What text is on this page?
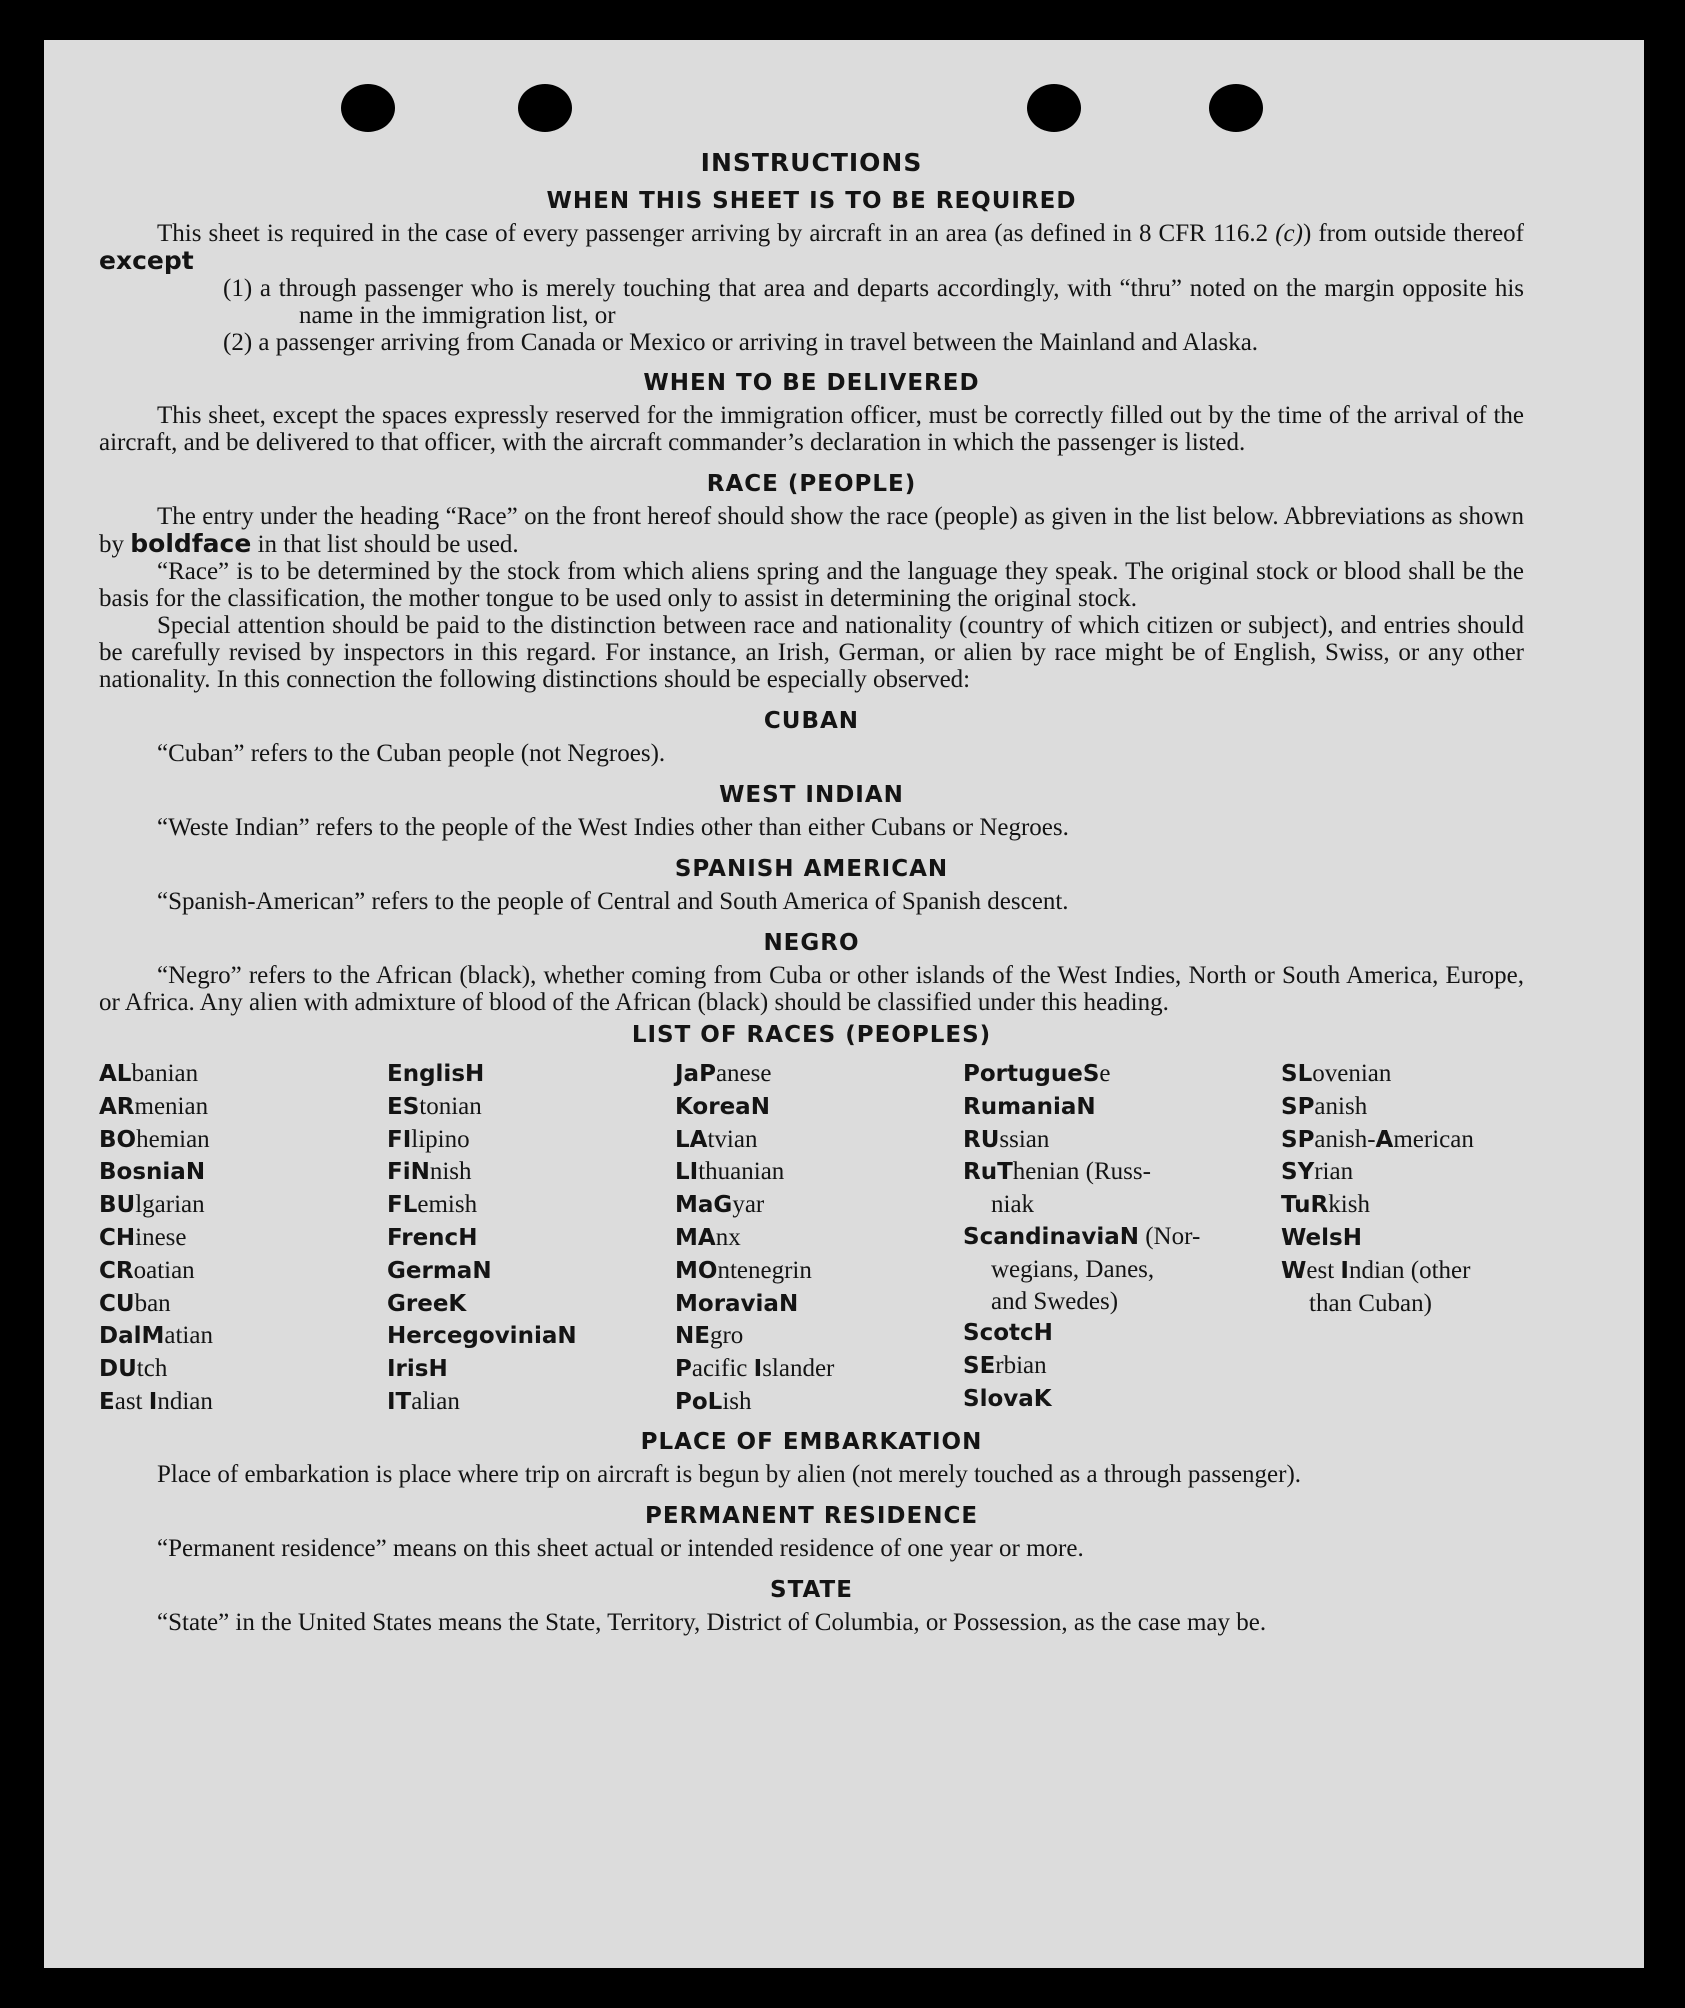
INSTRUCTIONS
WHEN THIS SHEET IS TO BE REQUIRED

This sheet is required in the case of every passenger arriving by aircraft in an area (as defined in 8 CFR 116.2 (c)) from outside thereof except

(1) a through passenger who is merely touching that area and departs accordingly, with “thru” noted on the margin opposite his name in the immigration list, or
(2) a passenger arriving from Canada or Mexico or arriving in travel between the Mainland and Alaska.
WHEN TO BE DELIVERED

This sheet, except the spaces expressly reserved for the immigration officer, must be correctly filled out by the time of the arrival of the aircraft, and be delivered to that officer, with the aircraft commander’s declaration in which the passenger is listed.

RACE (PEOPLE)

The entry under the heading “Race” on the front hereof should show the race (people) as given in the list below. Abbreviations as shown by boldface in that list should be used.

“Race” is to be determined by the stock from which aliens spring and the language they speak. The original stock or blood shall be the basis for the classification, the mother tongue to be used only to assist in determining the original stock.

Special attention should be paid to the distinction between race and nationality (country of which citizen or subject), and entries should be carefully revised by inspectors in this regard. For instance, an Irish, German, or alien by race might be of English, Swiss, or any other nationality. In this connection the following distinctions should be especially observed:

CUBAN

“Cuban” refers to the Cuban people (not Negroes).

WEST INDIAN

“Weste Indian” refers to the people of the West Indies other than either Cubans or Negroes.

SPANISH AMERICAN

“Spanish-American” refers to the people of Central and South America of Spanish descent.

NEGRO

“Negro” refers to the African (black), whether coming from Cuba or other islands of the West Indies, North or South America, Europe, or Africa. Any alien with admixture of blood of the African (black) should be classified under this heading.

LIST OF RACES (PEOPLES)
ALbanian
ARmenian
BOhemian
BosniaN
BUlgarian
CHinese
CRoatian
CUban
DalMatian
DUtch
East Indian
EnglisH
EStonian
FIlipino
FiNnish
FLemish
FrencH
GermaN
GreeK
HercegoviniaN
IrisH
ITalian
JaPanese
KoreaN
LAtvian
LIthuanian
MaGyar
MAnx
MOntenegrin
MoraviaN
NEgro
Pacific Islander
PoLish
PortugueSe
RumaniaN
RUssian
RuThenian (Russ-
niak
ScandinaviaN (Nor-
wegians, Danes,
and Swedes)
ScotcH
SErbian
SlovaK
SLovenian
SPanish
SPanish-American
SYrian
TuRkish
WelsH
West Indian (other
than Cuban)
PLACE OF EMBARKATION

Place of embarkation is place where trip on aircraft is begun by alien (not merely touched as a through passenger).

PERMANENT RESIDENCE

“Permanent residence” means on this sheet actual or intended residence of one year or more.

STATE

“State” in the United States means the State, Territory, District of Columbia, or Possession, as the case may be.
